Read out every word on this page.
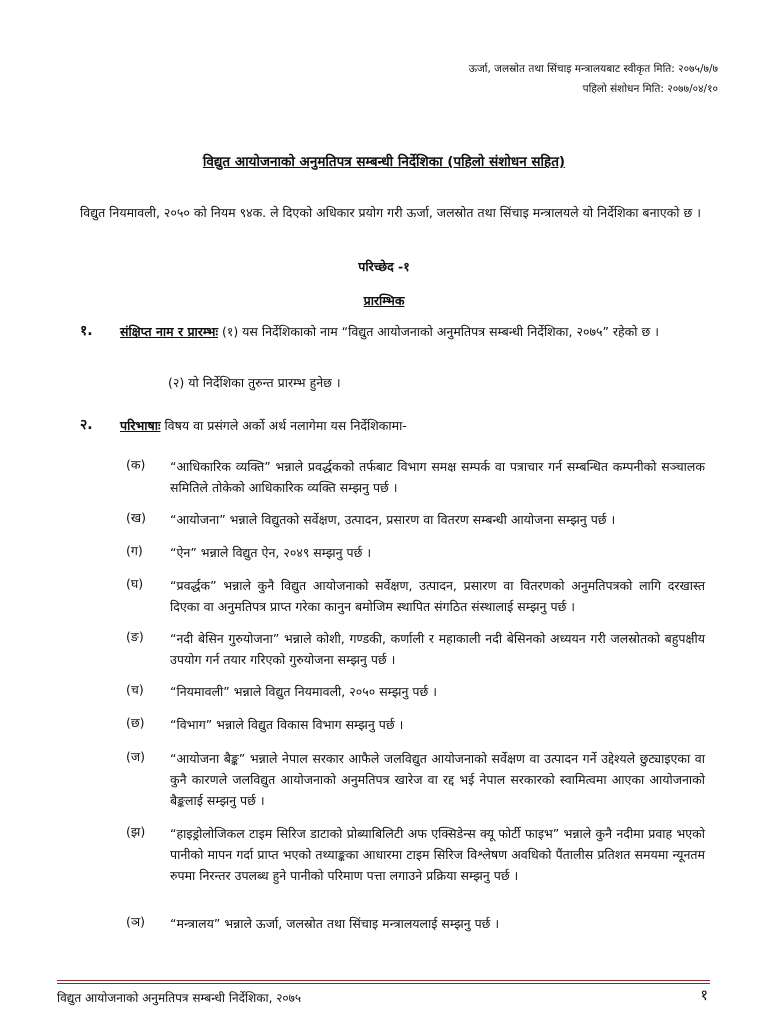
ऊर्जा, जलस्रोत तथा सिंचाइ मन्त्रालयबाट स्वीकृत मिति: २०७५/७/७
पहिलो संशोधन मिति: २०७७/०४/१०
विद्युत आयोजनाको अनुमतिपत्र सम्बन्धी निर्देशिका (पहिलो संशोधन सहित)

विद्युत नियमावली, २०५० को नियम ९४क. ले दिएको अधिकार प्रयोग गरी ऊर्जा, जलस्रोत तथा सिंचाइ मन्त्रालयले यो निर्देशिका बनाएको छ ।

परिच्छेद -१
प्रारम्भिक
१. संक्षिप्त नाम र प्रारम्भः (१) यस निर्देशिकाको नाम “विद्युत आयोजनाको अनुमतिपत्र सम्बन्धी निर्देशिका, २०७५” रहेको छ ।

(२) यो निर्देशिका तुरुन्त प्रारम्भ हुनेछ ।

२. परिभाषाः विषय वा प्रसंगले अर्को अर्थ नलागेमा यस निर्देशिकामा-

(क) “आधिकारिक व्यक्ति” भन्नाले प्रवर्द्धकको तर्फबाट विभाग समक्ष सम्पर्क वा पत्राचार गर्न सम्बन्धित कम्पनीको सञ्चालक समितिले तोकेको आधिकारिक व्यक्ति सम्झनु पर्छ ।

(ख) “आयोजना” भन्नाले विद्युतको सर्वेक्षण, उत्पादन, प्रसारण वा वितरण सम्बन्धी आयोजना सम्झनु पर्छ ।

(ग) “ऐन” भन्नाले विद्युत ऐन, २०४९ सम्झनु पर्छ ।

(घ) “प्रवर्द्धक” भन्नाले कुनै विद्युत आयोजनाको सर्वेक्षण, उत्पादन, प्रसारण वा वितरणको अनुमतिपत्रको लागि दरखास्त दिएका वा अनुमतिपत्र प्राप्त गरेका कानुन बमोजिम स्थापित संगठित संस्थालाई सम्झनु पर्छ ।

(ङ) “नदी बेसिन गुरुयोजना” भन्नाले कोशी, गण्डकी, कर्णाली र महाकाली नदी बेसिनको अध्ययन गरी जलस्रोतको बहुपक्षीय उपयोग गर्न तयार गरिएको गुरुयोजना सम्झनु पर्छ ।

(च) “नियमावली” भन्नाले विद्युत नियमावली, २०५० सम्झनु पर्छ ।

(छ) “विभाग” भन्नाले विद्युत विकास विभाग सम्झनु पर्छ ।

(ज) “आयोजना बैङ्क” भन्नाले नेपाल सरकार आफैले जलविद्युत आयोजनाको सर्वेक्षण वा उत्पादन गर्ने उद्देश्यले छुट्याइएका वा कुनै कारणले जलविद्युत आयोजनाको अनुमतिपत्र खारेज वा रद्द भई नेपाल सरकारको स्वामित्वमा आएका आयोजनाको बैङ्कलाई सम्झनु पर्छ ।

(झ) “हाइड्रोलोजिकल टाइम सिरिज डाटाको प्रोब्याबिलिटी अफ एक्सिडेन्स क्यू फोर्टी फाइभ” भन्नाले कुनै नदीमा प्रवाह भएको पानीको मापन गर्दा प्राप्त भएको तथ्याङ्कका आधारमा टाइम सिरिज विश्लेषण अवधिको पैंतालीस प्रतिशत समयमा न्यूनतम रुपमा निरन्तर उपलब्ध हुने पानीको परिमाण पत्ता लगाउने प्रक्रिया सम्झनु पर्छ ।

(ञ) “मन्त्रालय” भन्नाले ऊर्जा, जलस्रोत तथा सिंचाइ मन्त्रालयलाई सम्झनु पर्छ ।

विद्युत आयोजनाको अनुमतिपत्र सम्बन्धी निर्देशिका, २०७५	१
